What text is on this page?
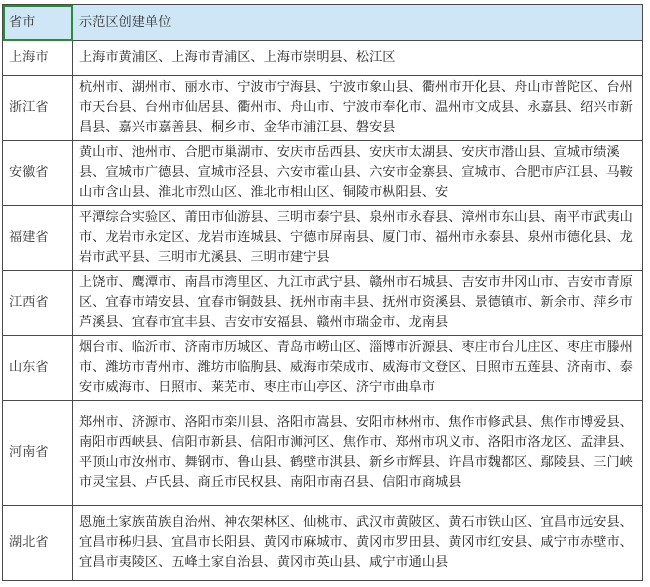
省市	示范区创建单位
上海市	上海市黄浦区、上海市青浦区、上海市崇明县、松江区
浙江省	杭州市、湖州市、丽水市、宁波市宁海县、宁波市象山县、衢州市开化县、舟山市普陀区、台州市天台县、台州市仙居县、衢州市、舟山市、宁波市奉化市、温州市文成县、永嘉县、绍兴市新昌县、嘉兴市嘉善县、桐乡市、金华市浦江县、磐安县
安徽省	黄山市、池州市、合肥市巢湖市、安庆市岳西县、安庆市太湖县、安庆市潜山县、宣城市绩溪县、宣城市广德县、宣城市泾县、六安市霍山县、六安市金寨县、宣城市、合肥市庐江县、马鞍山市含山县、淮北市烈山区、淮北市相山区、铜陵市枞阳县、安
福建省	平潭综合实验区、莆田市仙游县、三明市泰宁县、泉州市永春县、漳州市东山县、南平市武夷山市、龙岩市永定区、龙岩市连城县、宁德市屏南县、厦门市、福州市永泰县、泉州市德化县、龙岩市武平县、三明市尤溪县、三明市建宁县
江西省	上饶市、鹰潭市、南昌市湾里区、九江市武宁县、赣州市石城县、吉安市井冈山市、吉安市青原区、宜春市靖安县、宜春市铜鼓县、抚州市南丰县、抚州市资溪县、景德镇市、新余市、萍乡市芦溪县、宜春市宜丰县、吉安市安福县、赣州市瑞金市、龙南县
山东省	烟台市、临沂市、济南市历城区、青岛市崂山区、淄博市沂源县、枣庄市台儿庄区、枣庄市滕州市、潍坊市青州市、潍坊市临朐县、威海市荣成市、威海市文登区、日照市五莲县、济南市、泰安市威海市、日照市、莱芜市、枣庄市山亭区、济宁市曲阜市
河南省	郑州市、济源市、洛阳市栾川县、洛阳市嵩县、安阳市林州市、焦作市修武县、焦作市博爱县、南阳市西峡县、信阳市新县、信阳市浉河区、焦作市、郑州市巩义市、洛阳市洛龙区、孟津县、平顶山市汝州市、舞钢市、鲁山县、鹤壁市淇县、新乡市辉县、许昌市魏都区、鄢陵县、三门峡市灵宝县、卢氏县、商丘市民权县、南阳市南召县、信阳市商城县
湖北省	恩施土家族苗族自治州、神农架林区、仙桃市、武汉市黄陂区、黄石市铁山区、宜昌市远安县、宜昌市秭归县、宜昌市长阳县、黄冈市麻城市、黄冈市罗田县、黄冈市红安县、咸宁市赤壁市、宜昌市夷陵区、五峰土家自治县、黄冈市英山县、咸宁市通山县
